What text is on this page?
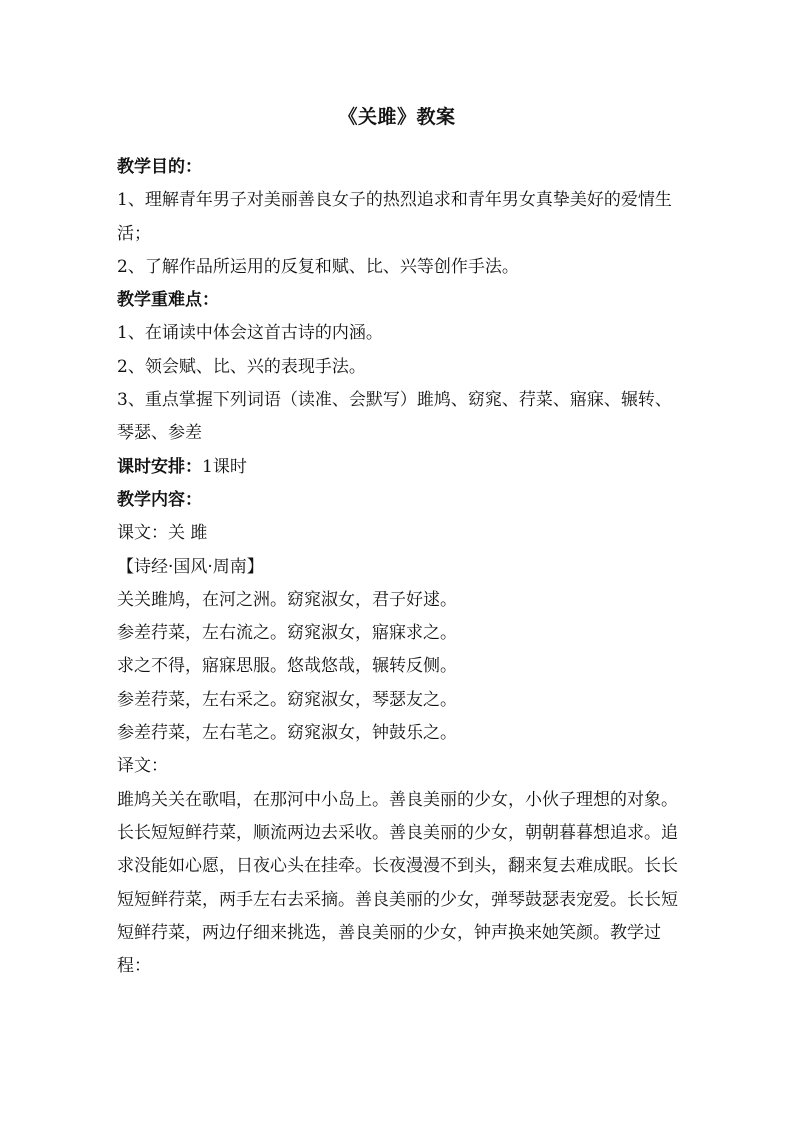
《关雎》教案

教学目的：

1、理解青年男子对美丽善良女子的热烈追求和青年男女真挚美好的爱情生活；

2、了解作品所运用的反复和赋、比、兴等创作手法。

教学重难点：

1、在诵读中体会这首古诗的内涵。

2、领会赋、比、兴的表现手法。

3、重点掌握下列词语（读准、会默写）雎鸠、窈窕、荇菜、寤寐、辗转、琴瑟、参差

课时安排：1课时

教学内容：

课文：关 雎

【诗经·国风·周南】

关关雎鸠，在河之洲。窈窕淑女，君子好逑。

参差荇菜，左右流之。窈窕淑女，寤寐求之。

求之不得，寤寐思服。悠哉悠哉，辗转反侧。

参差荇菜，左右采之。窈窕淑女，琴瑟友之。

参差荇菜，左右芼之。窈窕淑女，钟鼓乐之。

译文：

雎鸠关关在歌唱，在那河中小岛上。善良美丽的少女，小伙子理想的对象。

长长短短鲜荇菜，顺流两边去采收。善良美丽的少女，朝朝暮暮想追求。追求没能如心愿，日夜心头在挂牵。长夜漫漫不到头，翻来复去难成眠。长长短短鲜荇菜，两手左右去采摘。善良美丽的少女，弹琴鼓瑟表宠爱。长长短短鲜荇菜，两边仔细来挑选，善良美丽的少女，钟声换来她笑颜。教学过程：
